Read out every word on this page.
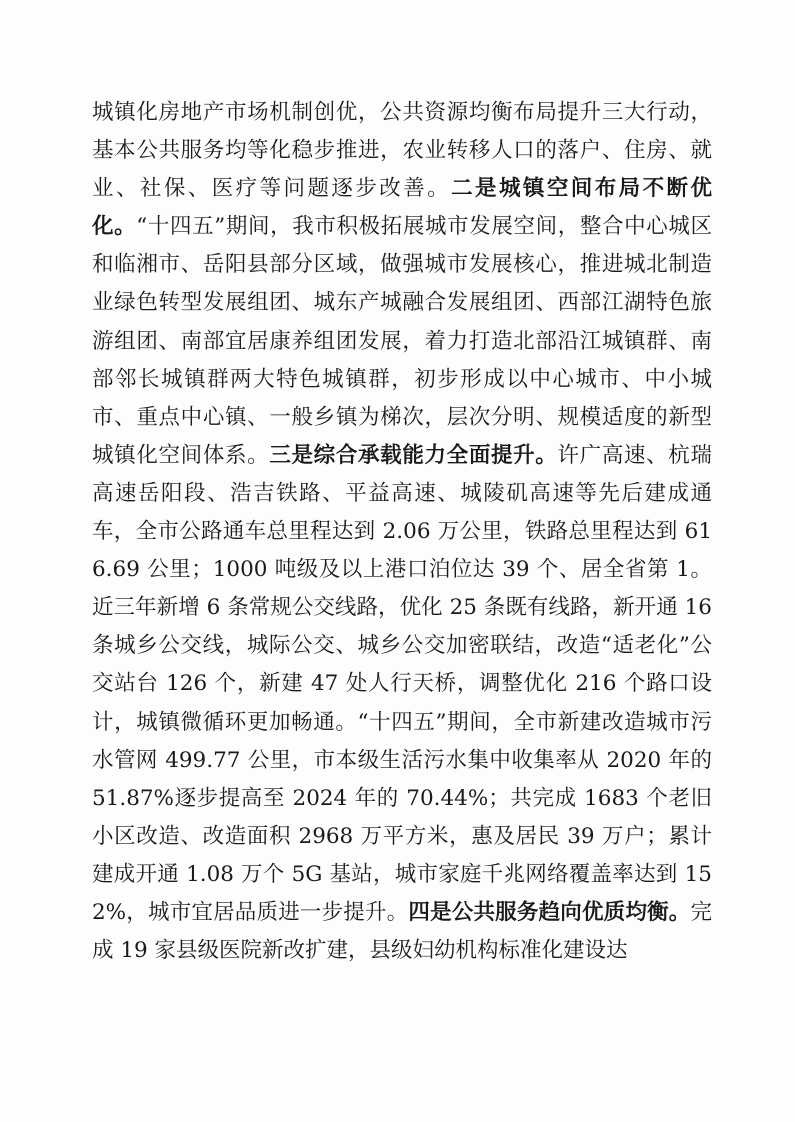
城镇化房地产市场机制创优，公共资源均衡布局提升三大行动，基本公共服务均等化稳步推进，农业转移人口的落户、住房、就业、社保、医疗等问题逐步改善。二是城镇空间布局不断优化。“十四五”期间，我市积极拓展城市发展空间，整合中心城区和临湘市、岳阳县部分区域，做强城市发展核心，推进城北制造业绿色转型发展组团、城东产城融合发展组团、西部江湖特色旅游组团、南部宜居康养组团发展，着力打造北部沿江城镇群、南部邻长城镇群两大特色城镇群，初步形成以中心城市、中小城市、重点中心镇、一般乡镇为梯次，层次分明、规模适度的新型城镇化空间体系。三是综合承载能力全面提升。许广高速、杭瑞高速岳阳段、浩吉铁路、平益高速、城陵矶高速等先后建成通车，全市公路通车总里程达到 2.06 万公里，铁路总里程达到 616.69 公里；1000 吨级及以上港口泊位达 39 个、居全省第 1。近三年新增 6 条常规公交线路，优化 25 条既有线路，新开通 16 条城乡公交线，城际公交、城乡公交加密联结，改造“适老化”公交站台 126 个，新建 47 处人行天桥，调整优化 216 个路口设计，城镇微循环更加畅通。“十四五”期间，全市新建改造城市污水管网 499.77 公里，市本级生活污水集中收集率从 2020 年的 51.87%逐步提高至 2024 年的 70.44%；共完成 1683 个老旧小区改造、改造面积 2968 万平方米，惠及居民 39 万户；累计建成开通 1.08 万个 5G 基站，城市家庭千兆网络覆盖率达到 152%，城市宜居品质进一步提升。四是公共服务趋向优质均衡。完成 19 家县级医院新改扩建，县级妇幼机构标准化建设达
